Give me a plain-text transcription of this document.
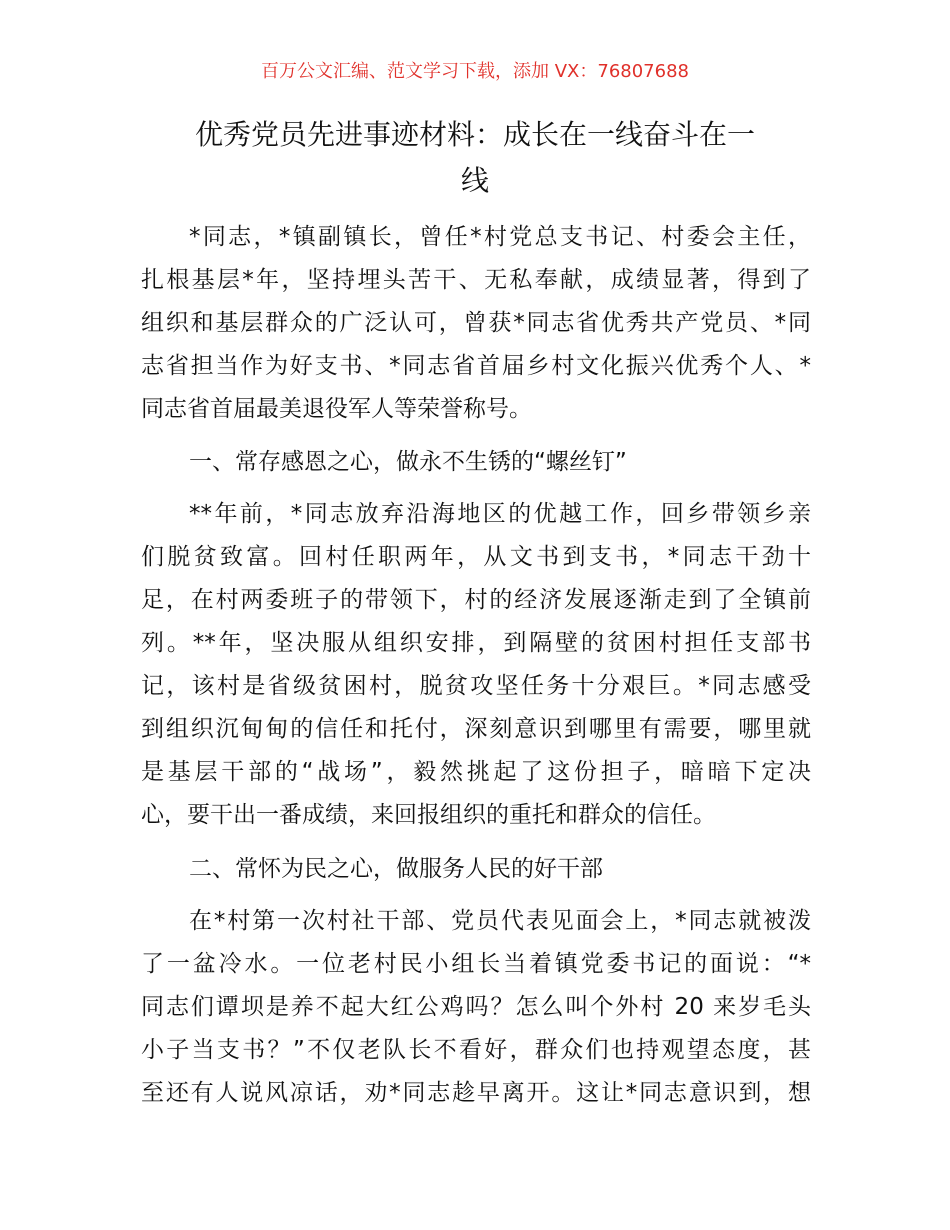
百万公文汇编、范文学习下载，添加 VX：76807688
优秀党员先进事迹材料：成长在一线奋斗在一
线
*同志，*镇副镇长，曾任*村党总支书记、村委会主任，
扎根基层*年，坚持埋头苦干、无私奉献，成绩显著，得到了
组织和基层群众的广泛认可，曾获*同志省优秀共产党员、*同
志省担当作为好支书、*同志省首届乡村文化振兴优秀个人、*
同志省首届最美退役军人等荣誉称号。
一、常存感恩之心，做永不生锈的“螺丝钉”
**年前，*同志放弃沿海地区的优越工作，回乡带领乡亲
们脱贫致富。回村任职两年，从文书到支书，*同志干劲十
足，在村两委班子的带领下，村的经济发展逐渐走到了全镇前
列。**年，坚决服从组织安排，到隔壁的贫困村担任支部书
记，该村是省级贫困村，脱贫攻坚任务十分艰巨。*同志感受
到组织沉甸甸的信任和托付，深刻意识到哪里有需要，哪里就
是基层干部的“战场”，毅然挑起了这份担子，暗暗下定决
心，要干出一番成绩，来回报组织的重托和群众的信任。
二、常怀为民之心，做服务人民的好干部
在*村第一次村社干部、党员代表见面会上，*同志就被泼
了一盆冷水。一位老村民小组长当着镇党委书记的面说：“*
同志们谭坝是养不起大红公鸡吗？怎么叫个外村 20 来岁毛头
小子当支书？”不仅老队长不看好，群众们也持观望态度，甚
至还有人说风凉话，劝*同志趁早离开。这让*同志意识到，想
